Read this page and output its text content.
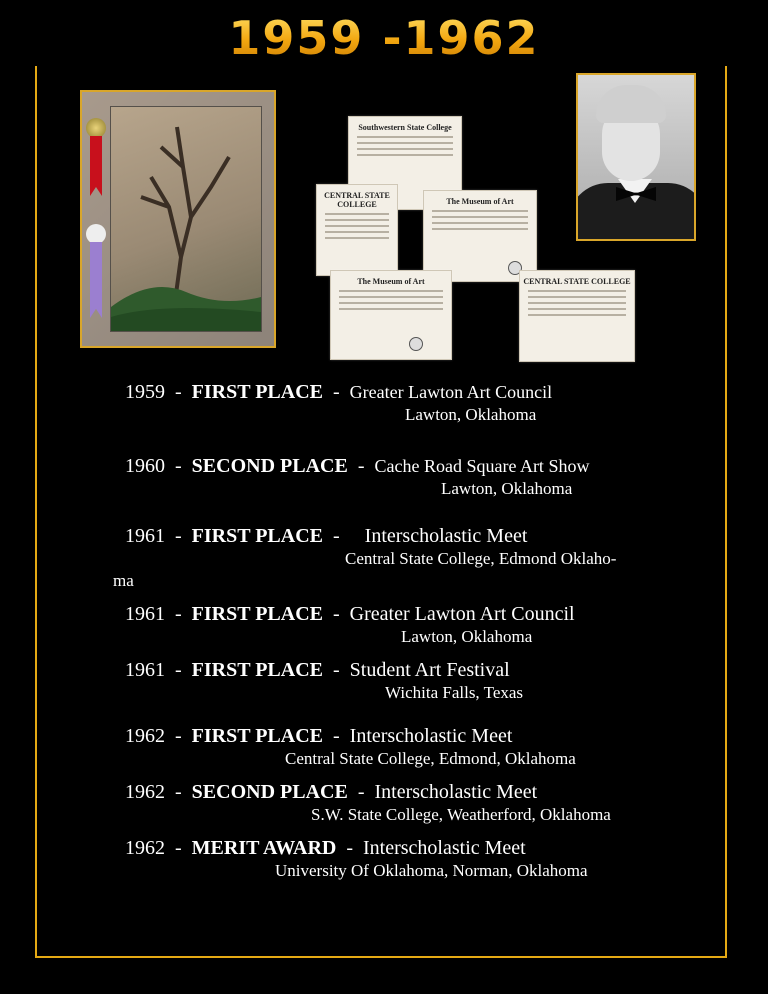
1959 -1962
Southwestern State College
CENTRAL STATE COLLEGE	The Museum of Art
The Museum of Art	CENTRAL STATE COLLEGE
1959 - FIRST PLACE - Greater Lawton Art Council
Lawton, Oklahoma
1960 - SECOND PLACE - Cache Road Square Art Show
Lawton, Oklahoma
1961 - FIRST PLACE - Interscholastic Meet
Central State College, Edmond Oklaho-
ma
1961 - FIRST PLACE - Greater Lawton Art Council
Lawton, Oklahoma
1961 - FIRST PLACE - Student Art Festival
Wichita Falls, Texas
1962 - FIRST PLACE - Interscholastic Meet
Central State College, Edmond, Oklahoma
1962 - SECOND PLACE - Interscholastic Meet
S.W. State College, Weatherford, Oklahoma
1962 - MERIT AWARD - Interscholastic Meet
University Of Oklahoma, Norman, Oklahoma
